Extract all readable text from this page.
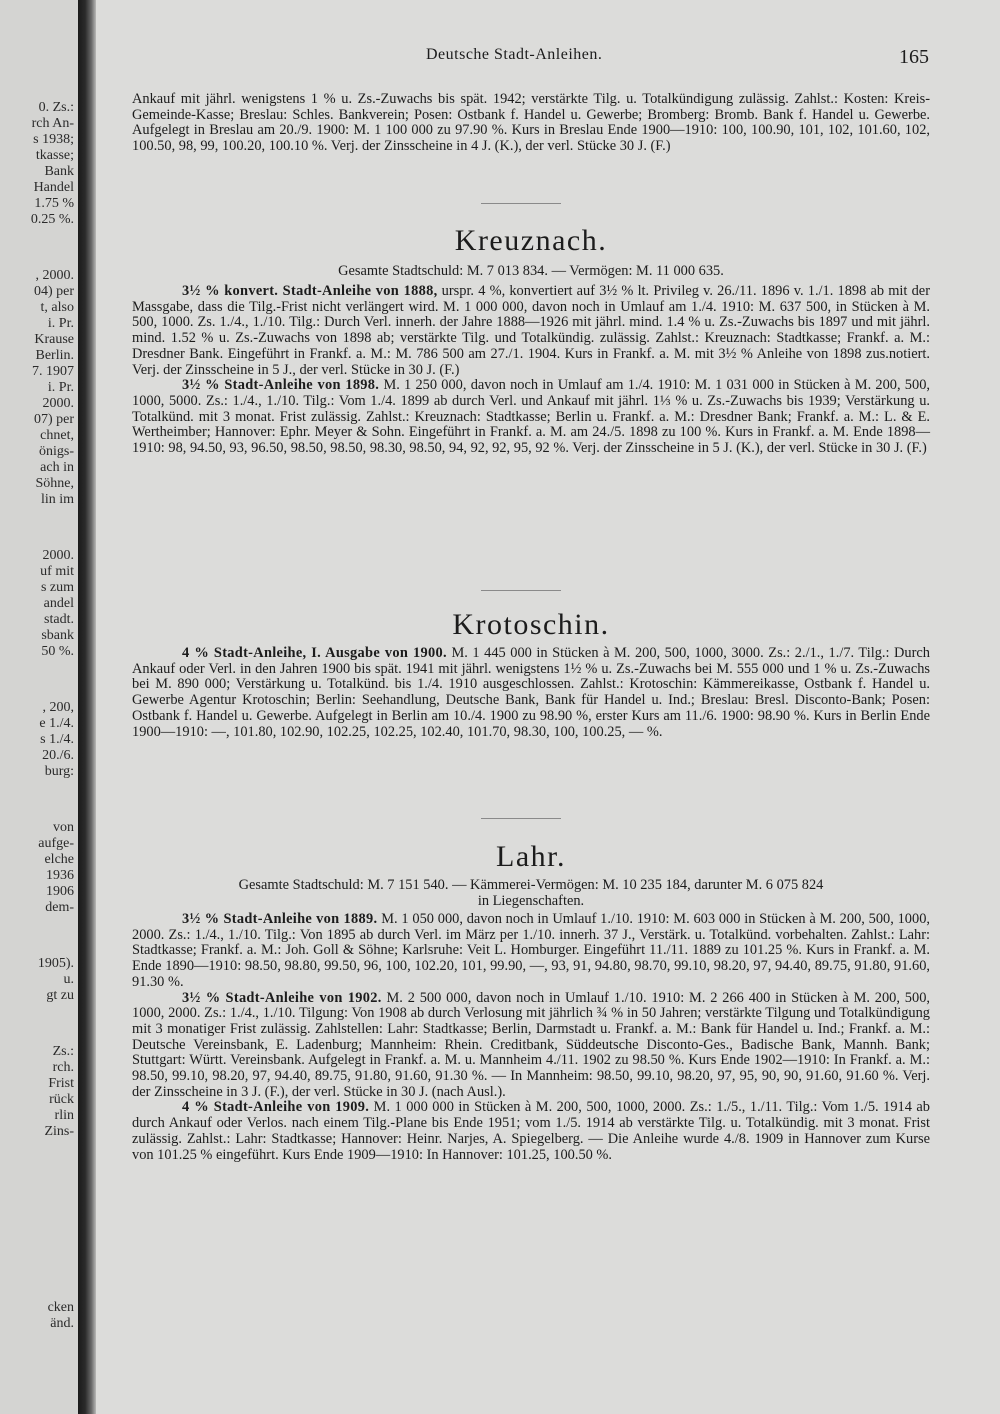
0. Zs.:
rch An-
s 1938;
tkasse;
Bank
Handel
1.75 %
0.25 %.
, 2000.
04) per
t, also
i. Pr.
Krause
Berlin.
7. 1907
i. Pr.
2000.
07) per
chnet,
önigs-
ach in
Söhne,
lin im
2000.
uf mit
s zum
andel
stadt.
sbank
50 %.
, 200,
e 1./4.
s 1./4.
20./6.
burg:
von
aufge-
elche
1936
1906
dem-
1905).
u.
gt zu
Zs.:
rch.
Frist
rück
rlin
Zins-
cken
änd.
Deutsche Stadt-Anleihen.	165

Ankauf mit jährl. wenigstens 1 % u. Zs.-Zuwachs bis spät. 1942; verstärkte Tilg. u. Totalkündigung zulässig. Zahlst.: Kosten: Kreis-Gemeinde-Kasse; Breslau: Schles. Bankverein; Posen: Ostbank f. Handel u. Gewerbe; Bromberg: Bromb. Bank f. Handel u. Gewerbe. Aufgelegt in Breslau am 20./9. 1900: M. 1 100 000 zu 97.90 %. Kurs in Breslau Ende 1900—1910: 100, 100.90, 101, 102, 101.60, 102, 100.50, 98, 99, 100.20, 100.10 %. Verj. der Zinsscheine in 4 J. (K.), der verl. Stücke 30 J. (F.)

Kreuznach.
Gesamte Stadtschuld: M. 7 013 834. — Vermögen: M. 11 000 635.

3½ % konvert. Stadt-Anleihe von 1888, urspr. 4 %, konvertiert auf 3½ % lt. Privileg v. 26./11. 1896 v. 1./1. 1898 ab mit der Massgabe, dass die Tilg.-Frist nicht verlängert wird. M. 1 000 000, davon noch in Umlauf am 1./4. 1910: M. 637 500, in Stücken à M. 500, 1000. Zs. 1./4., 1./10. Tilg.: Durch Verl. innerh. der Jahre 1888—1926 mit jährl. mind. 1.4 % u. Zs.-Zuwachs bis 1897 und mit jährl. mind. 1.52 % u. Zs.-Zuwachs von 1898 ab; verstärkte Tilg. und Totalkündig. zulässig. Zahlst.: Kreuznach: Stadtkasse; Frankf. a. M.: Dresdner Bank. Eingeführt in Frankf. a. M.: M. 786 500 am 27./1. 1904. Kurs in Frankf. a. M. mit 3½ % Anleihe von 1898 zus.notiert. Verj. der Zinsscheine in 5 J., der verl. Stücke in 30 J. (F.)

3½ % Stadt-Anleihe von 1898. M. 1 250 000, davon noch in Umlauf am 1./4. 1910: M. 1 031 000 in Stücken à M. 200, 500, 1000, 5000. Zs.: 1./4., 1./10. Tilg.: Vom 1./4. 1899 ab durch Verl. und Ankauf mit jährl. 1⅓ % u. Zs.-Zuwachs bis 1939; Verstärkung u. Totalkünd. mit 3 monat. Frist zulässig. Zahlst.: Kreuznach: Stadtkasse; Berlin u. Frankf. a. M.: Dresdner Bank; Frankf. a. M.: L. & E. Wertheimber; Hannover: Ephr. Meyer & Sohn. Eingeführt in Frankf. a. M. am 24./5. 1898 zu 100 %. Kurs in Frankf. a. M. Ende 1898—1910: 98, 94.50, 93, 96.50, 98.50, 98.50, 98.30, 98.50, 94, 92, 92, 95, 92 %. Verj. der Zinsscheine in 5 J. (K.), der verl. Stücke in 30 J. (F.)

Krotoschin.

4 % Stadt-Anleihe, I. Ausgabe von 1900. M. 1 445 000 in Stücken à M. 200, 500, 1000, 3000. Zs.: 2./1., 1./7. Tilg.: Durch Ankauf oder Verl. in den Jahren 1900 bis spät. 1941 mit jährl. wenigstens 1½ % u. Zs.-Zuwachs bei M. 555 000 und 1 % u. Zs.-Zuwachs bei M. 890 000; Verstärkung u. Totalkünd. bis 1./4. 1910 ausgeschlossen. Zahlst.: Krotoschin: Kämmereikasse, Ostbank f. Handel u. Gewerbe Agentur Krotoschin; Berlin: Seehandlung, Deutsche Bank, Bank für Handel u. Ind.; Breslau: Bresl. Disconto-Bank; Posen: Ostbank f. Handel u. Gewerbe. Aufgelegt in Berlin am 10./4. 1900 zu 98.90 %, erster Kurs am 11./6. 1900: 98.90 %. Kurs in Berlin Ende 1900—1910: —, 101.80, 102.90, 102.25, 102.25, 102.40, 101.70, 98.30, 100, 100.25, — %.

Lahr.
Gesamte Stadtschuld: M. 7 151 540. — Kämmerei-Vermögen: M. 10 235 184, darunter M. 6 075 824
in Liegenschaften.

3½ % Stadt-Anleihe von 1889. M. 1 050 000, davon noch in Umlauf 1./10. 1910: M. 603 000 in Stücken à M. 200, 500, 1000, 2000. Zs.: 1./4., 1./10. Tilg.: Von 1895 ab durch Verl. im März per 1./10. innerh. 37 J., Verstärk. u. Totalkünd. vorbehalten. Zahlst.: Lahr: Stadtkasse; Frankf. a. M.: Joh. Goll & Söhne; Karlsruhe: Veit L. Homburger. Eingeführt 11./11. 1889 zu 101.25 %. Kurs in Frankf. a. M. Ende 1890—1910: 98.50, 98.80, 99.50, 96, 100, 102.20, 101, 99.90, —, 93, 91, 94.80, 98.70, 99.10, 98.20, 97, 94.40, 89.75, 91.80, 91.60, 91.30 %.

3½ % Stadt-Anleihe von 1902. M. 2 500 000, davon noch in Umlauf 1./10. 1910: M. 2 266 400 in Stücken à M. 200, 500, 1000, 2000. Zs.: 1./4., 1./10. Tilgung: Von 1908 ab durch Verlosung mit jährlich ¾ % in 50 Jahren; verstärkte Tilgung und Totalkündigung mit 3 monatiger Frist zulässig. Zahlstellen: Lahr: Stadtkasse; Berlin, Darmstadt u. Frankf. a. M.: Bank für Handel u. Ind.; Frankf. a. M.: Deutsche Vereinsbank, E. Ladenburg; Mannheim: Rhein. Creditbank, Süddeutsche Disconto-Ges., Badische Bank, Mannh. Bank; Stuttgart: Württ. Vereinsbank. Aufgelegt in Frankf. a. M. u. Mannheim 4./11. 1902 zu 98.50 %. Kurs Ende 1902—1910: In Frankf. a. M.: 98.50, 99.10, 98.20, 97, 94.40, 89.75, 91.80, 91.60, 91.30 %. — In Mannheim: 98.50, 99.10, 98.20, 97, 95, 90, 90, 91.60, 91.60 %. Verj. der Zinsscheine in 3 J. (F.), der verl. Stücke in 30 J. (nach Ausl.).

4 % Stadt-Anleihe von 1909. M. 1 000 000 in Stücken à M. 200, 500, 1000, 2000. Zs.: 1./5., 1./11. Tilg.: Vom 1./5. 1914 ab durch Ankauf oder Verlos. nach einem Tilg.-Plane bis Ende 1951; vom 1./5. 1914 ab verstärkte Tilg. u. Totalkündig. mit 3 monat. Frist zulässig. Zahlst.: Lahr: Stadtkasse; Hannover: Heinr. Narjes, A. Spiegelberg. — Die Anleihe wurde 4./8. 1909 in Hannover zum Kurse von 101.25 % eingeführt. Kurs Ende 1909—1910: In Hannover: 101.25, 100.50 %.
